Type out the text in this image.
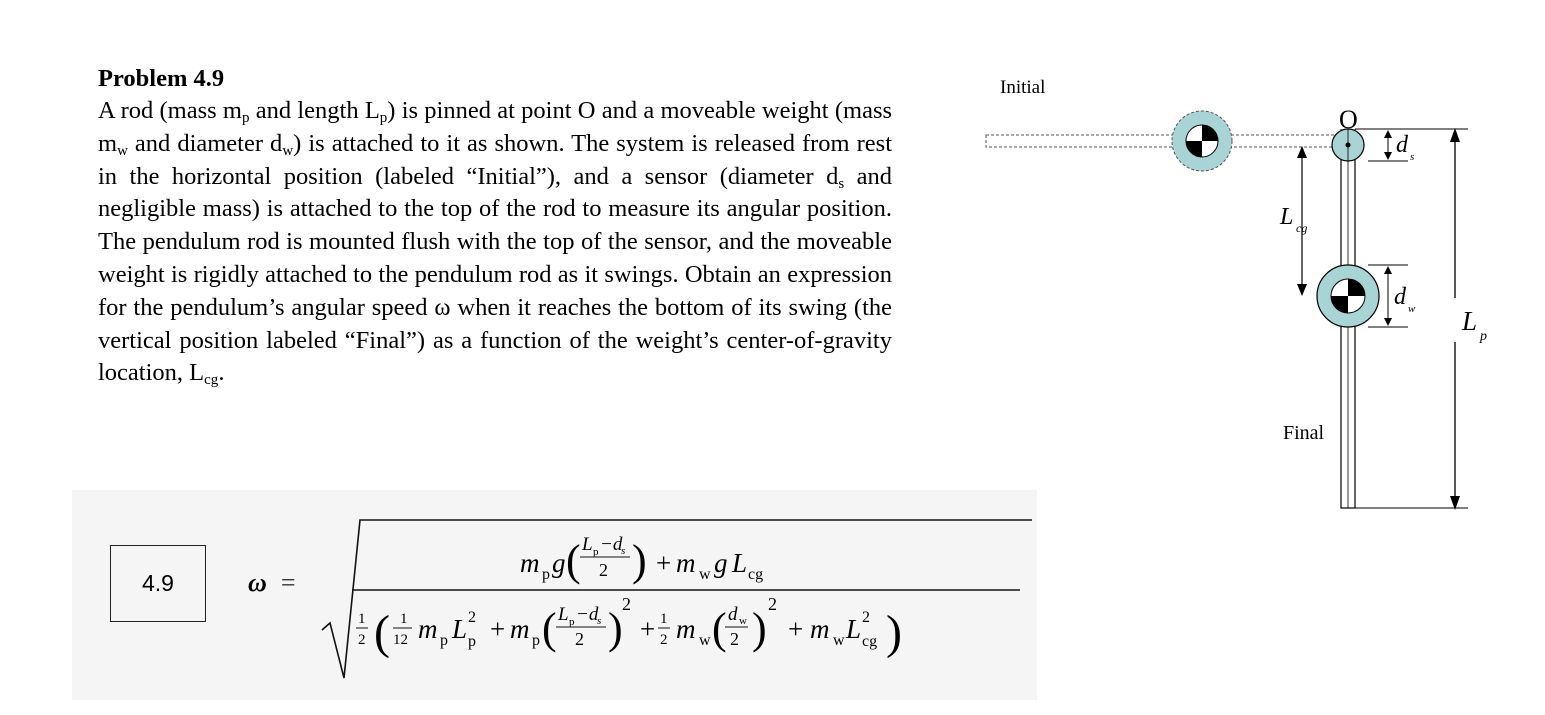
Problem 4.9

A rod (mass $m_p$ and length $L_p$) is pinned at point O and a moveable weight (mass $m_w$ and diameter $d_w$) is attached to it as shown. The system is released from rest in the horizontal position (labeled “Initial”), and a sensor (diameter $d_s$ and negligible mass) is attached to the top of the rod to measure its angular position. The pendulum rod is mounted flush with the top of the sensor, and the moveable weight is rigidly attached to the pendulum rod as it swings. Obtain an expression for the pendulum’s angular speed ω when it reaches the bottom of its swing (the vertical position labeled “Final”) as a function of the weight’s center-of-gravity location, $L_{cg}$.

4.9	ω =
m p g ( L p −d
s
2 ) + m w g L cg
1
2 ( 1
12 m p L 2
p + m p ( L p −d
s
2 ) 2
+ 1
2 m w ( d w
2 ) 2
+ m w L 2
cg )
Initial
O
d s
L cg
d w L
p
Final
